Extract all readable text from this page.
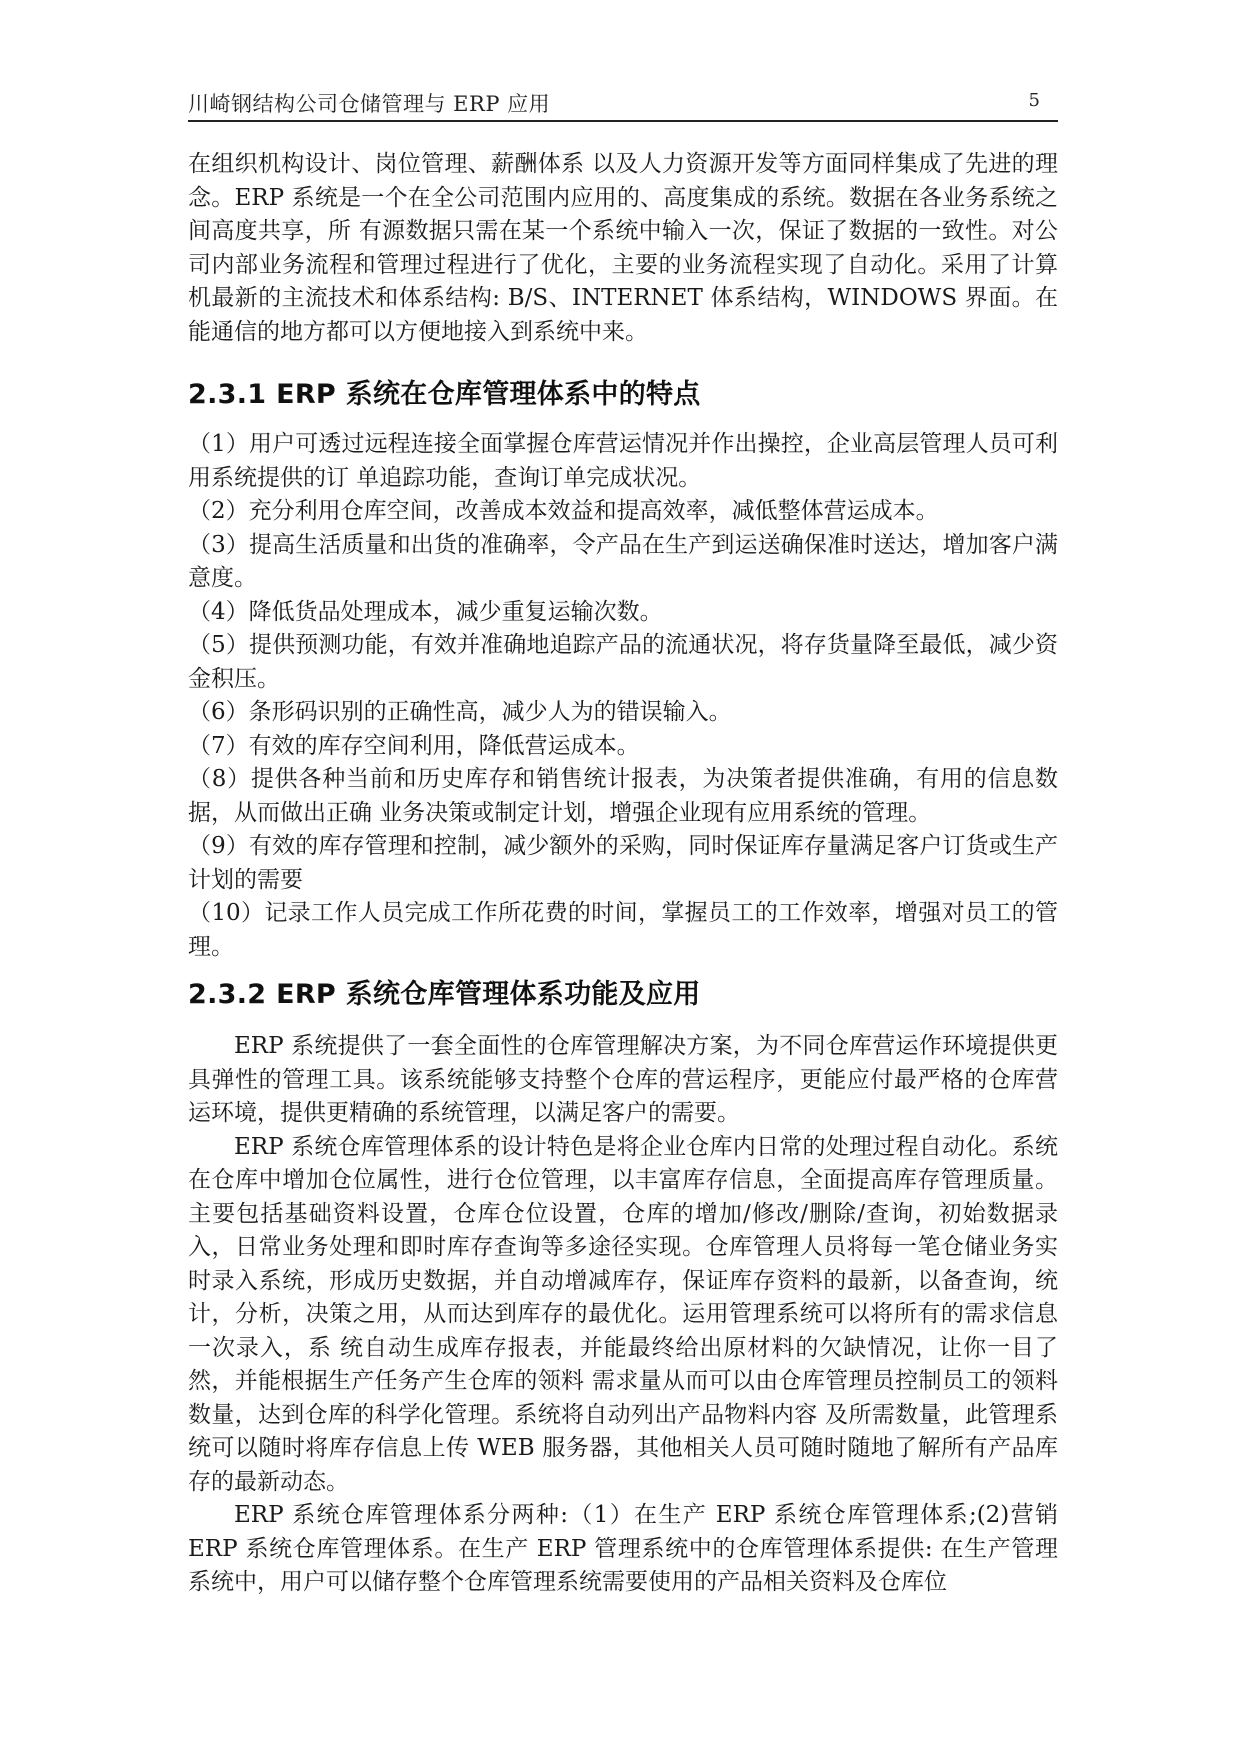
川崎钢结构公司仓储管理与 ERP 应用	5

在组织机构设计、岗位管理、薪酬体系 以及人力资源开发等方面同样集成了先进的理念。ERP 系统是一个在全公司范围内应用的、高度集成的系统。数据在各业务系统之间高度共享，所 有源数据只需在某一个系统中输入一次，保证了数据的一致性。对公司内部业务流程和管理过程进行了优化，主要的业务流程实现了自动化。采用了计算机最新的主流技术和体系结构: B/S、INTERNET 体系结构，WINDOWS 界面。在能通信的地方都可以方便地接入到系统中来。

2.3.1 ERP 系统在仓库管理体系中的特点

（1）用户可透过远程连接全面掌握仓库营运情况并作出操控，企业高层管理人员可利用系统提供的订 单追踪功能，查询订单完成状况。

（2）充分利用仓库空间，改善成本效益和提高效率，减低整体营运成本。

（3）提高生活质量和出货的准确率，令产品在生产到运送确保准时送达，增加客户满意度。

（4）降低货品处理成本，减少重复运输次数。

（5）提供预测功能，有效并准确地追踪产品的流通状况，将存货量降至最低，减少资金积压。

（6）条形码识别的正确性高，减少人为的错误输入。

（7）有效的库存空间利用，降低营运成本。

（8）提供各种当前和历史库存和销售统计报表，为决策者提供准确，有用的信息数据，从而做出正确 业务决策或制定计划，增强企业现有应用系统的管理。

（9）有效的库存管理和控制，减少额外的采购，同时保证库存量满足客户订货或生产计划的需要

（10）记录工作人员完成工作所花费的时间，掌握员工的工作效率，增强对员工的管理。

2.3.2 ERP 系统仓库管理体系功能及应用

ERP 系统提供了一套全面性的仓库管理解决方案，为不同仓库营运作环境提供更具弹性的管理工具。该系统能够支持整个仓库的营运程序，更能应付最严格的仓库营运环境，提供更精确的系统管理，以满足客户的需要。

ERP 系统仓库管理体系的设计特色是将企业仓库内日常的处理过程自动化。系统在仓库中增加仓位属性，进行仓位管理，以丰富库存信息，全面提高库存管理质量。主要包括基础资料设置，仓库仓位设置，仓库的增加/修改/删除/查询，初始数据录入，日常业务处理和即时库存查询等多途径实现。仓库管理人员将每一笔仓储业务实时录入系统，形成历史数据，并自动增减库存，保证库存资料的最新，以备查询，统计，分析，决策之用，从而达到库存的最优化。运用管理系统可以将所有的需求信息一次录入，系 统自动生成库存报表，并能最终给出原材料的欠缺情况，让你一目了然，并能根据生产任务产生仓库的领料 需求量从而可以由仓库管理员控制员工的领料数量，达到仓库的科学化管理。系统将自动列出产品物料内容 及所需数量，此管理系统可以随时将库存信息上传 WEB 服务器，其他相关人员可随时随地了解所有产品库存的最新动态。

ERP 系统仓库管理体系分两种:（1）在生产 ERP 系统仓库管理体系;(2)营销 ERP 系统仓库管理体系。在生产 ERP 管理系统中的仓库管理体系提供: 在生产管理系统中，用户可以储存整个仓库管理系统需要使用的产品相关资料及仓库位
